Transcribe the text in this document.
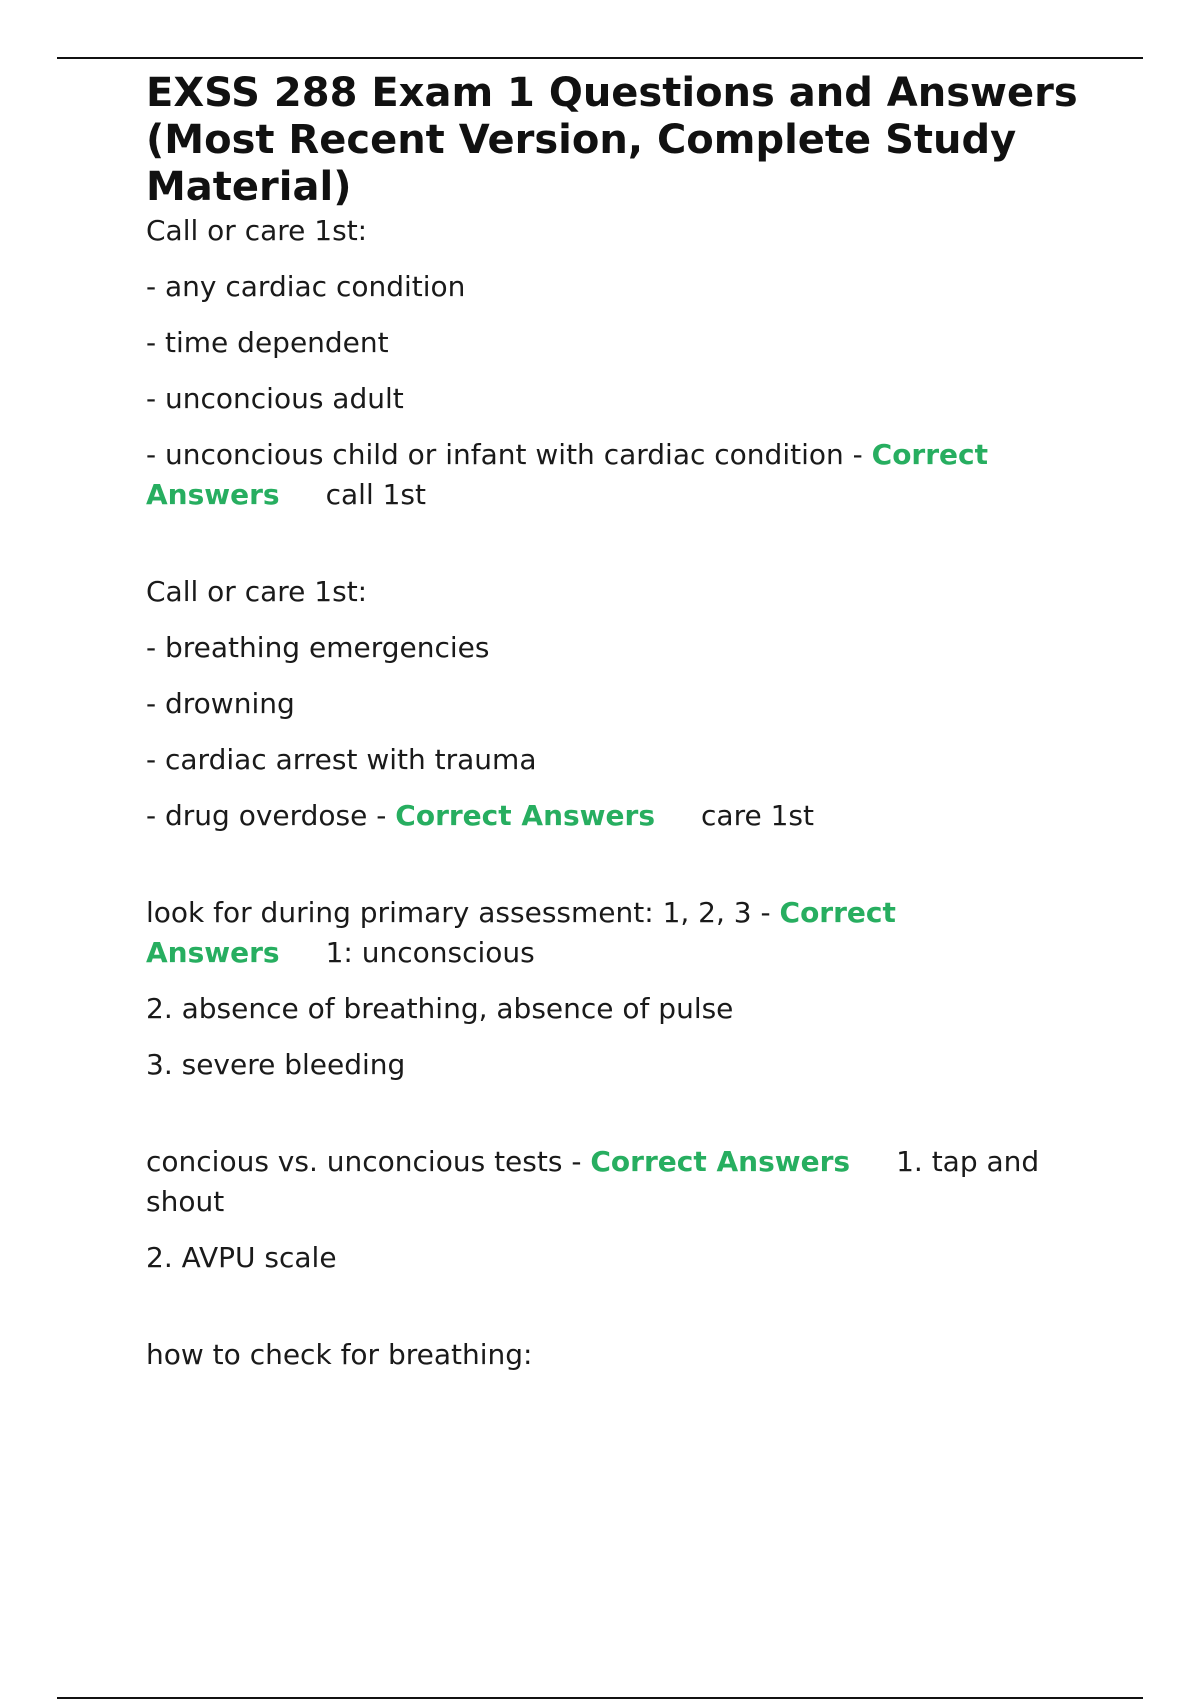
EXSS 288 Exam 1 Questions and Answers (Most Recent Version, Complete Study Material)

Call or care 1st:

- any cardiac condition

- time dependent

- unconcious adult

- unconcious child or infant with cardiac condition - Correct Answers call 1st

Call or care 1st:

- breathing emergencies

- drowning

- cardiac arrest with trauma

- drug overdose - Correct Answers care 1st

look for during primary assessment: 1, 2, 3 - Correct Answers 1: unconscious

2. absence of breathing, absence of pulse

3. severe bleeding

concious vs. unconcious tests - Correct Answers 1. tap and shout

2. AVPU scale

how to check for breathing:
